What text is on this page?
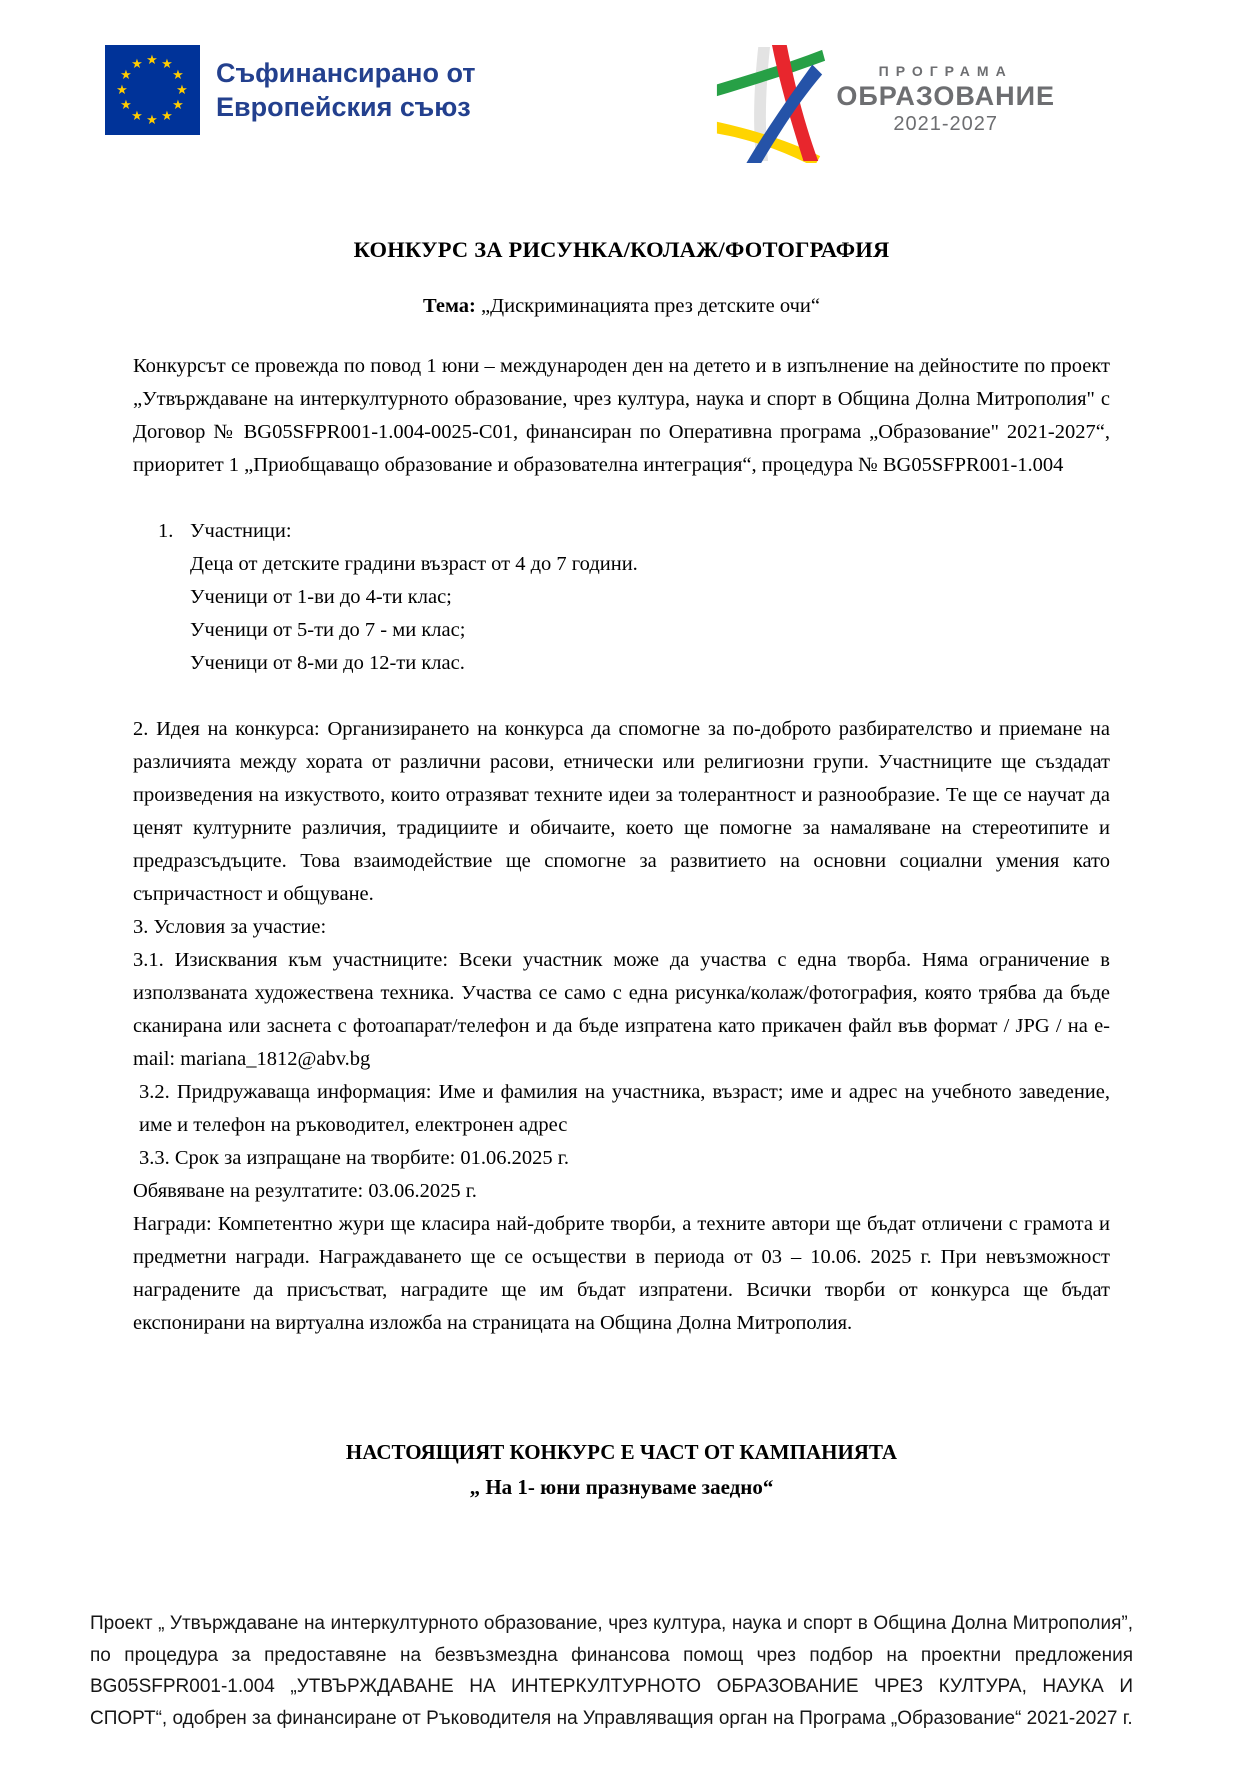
★ ★
★
★
★
★
★
★
★
★
★
★	Съфинансирано от
Европейския съюз
ПРОГРАМА
ОБРАЗОВАНИЕ
2021-2027
КОНКУРС ЗА РИСУНКА/КОЛАЖ/ФОТОГРАФИЯ

Тема: „Дискриминацията през детските очи“

Конкурсът се провежда по повод 1 юни – международен ден на детето и в изпълнение на дейностите по проект „Утвърждаване на интеркултурното образование, чрез култура, наука и спорт в Община Долна Митрополия" с Договор № BG05SFPR001-1.004-0025-C01, финансиран по Оперативна програма „Образование" 2021-2027“, приоритет 1 „Приобщаващо образование и образователна интеграция“, процедура № BG05SFPR001-1.004

1. Участници:
Деца от детските градини възраст от 4 до 7 години.
Ученици от 1-ви до 4-ти клас;
Ученици от 5-ти до 7 - ми клас;
Ученици от 8-ми до 12-ти клас.

2. Идея на конкурса: Организирането на конкурса да спомогне за по-доброто разбирателство и приемане на различията между хората от различни расови, етнически или религиозни групи. Участниците ще създадат произведения на изкуството, които отразяват техните идеи за толерантност и разнообразие. Те ще се научат да ценят културните различия, традициите и обичаите, което ще помогне за намаляване на стереотипите и предразсъдъците. Това взаимодействие ще спомогне за развитието на основни социални умения като съпричастност и общуване.

3. Условия за участие:

3.1. Изисквания към участниците: Всеки участник може да участва с една творба. Няма ограничение в използваната художествена техника. Участва се само с една рисунка/колаж/фотография, която трябва да бъде сканирана или заснета с фотоапарат/телефон и да бъде изпратена като прикачен файл във формат / JPG / на e-mail: mariana_1812@abv.bg

3.2. Придружаваща информация: Име и фамилия на участника, възраст; име и адрес на учебното заведение, име и телефон на ръководител, електронен адрес

3.3. Срок за изпращане на творбите: 01.06.2025 г.

Обявяване на резултатите: 03.06.2025 г.

Награди: Компетентно жури ще класира най-добрите творби, а техните автори ще бъдат отличени с грамота и предметни награди. Награждаването ще се осъществи в периода от 03 – 10.06. 2025 г. При невъзможност наградените да присъстват, наградите ще им бъдат изпратени. Всички творби от конкурса ще бъдат експонирани на виртуална изложба на страницата на Община Долна Митрополия.

НАСТОЯЩИЯТ КОНКУРС Е ЧАСТ ОТ КАМПАНИЯТА
„ На 1- юни празнуваме заедно“

Проект „ Утвърждаване на интеркултурното образование, чрез култура, наука и спорт в Община Долна Митрополия”, по процедура за предоставяне на безвъзмездна финансова помощ чрез подбор на проектни предложения BG05SFPR001-1.004 „УТВЪРЖДАВАНЕ НА ИНТЕРКУЛТУРНОТО ОБРАЗОВАНИЕ ЧРЕЗ КУЛТУРА, НАУКА И СПОРТ“, одобрен за финансиране от Ръководителя на Управляващия орган на Програма „Образование“ 2021-2027 г.
